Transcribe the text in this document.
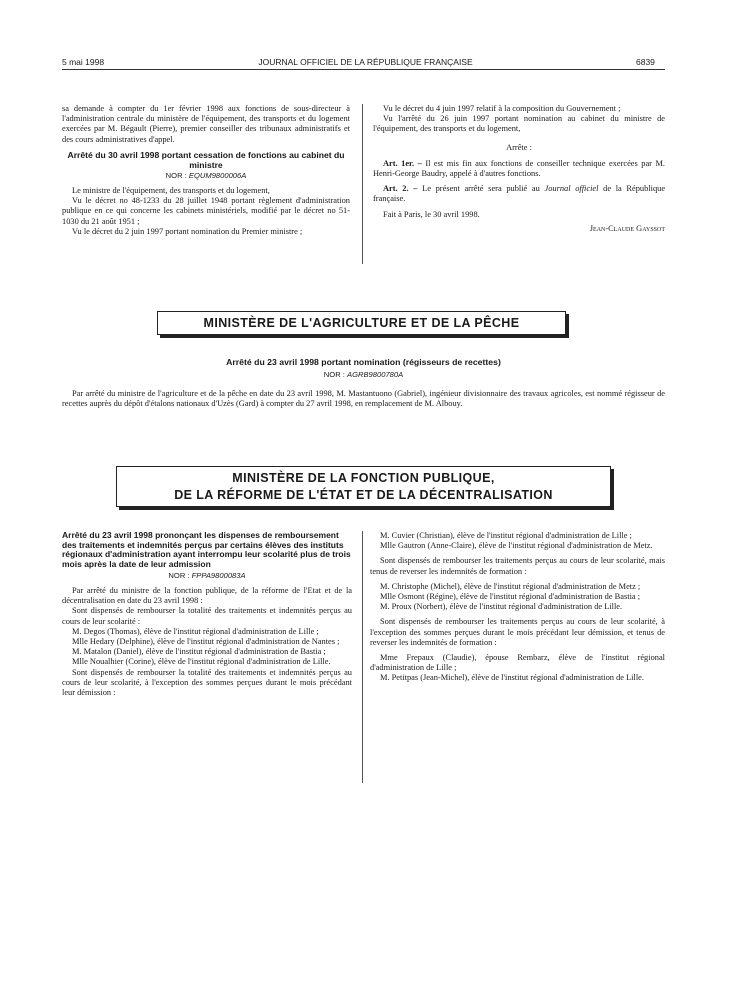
5 mai 1998	JOURNAL OFFICIEL DE LA RÉPUBLIQUE FRANÇAISE	6839

sa demande à compter du 1er février 1998 aux fonctions de sous-directeur à l'administration centrale du ministère de l'équipement, des transports et du logement exercées par M. Bégault (Pierre), premier conseiller des tribunaux administratifs et des cours administratives d'appel.

Arrêté du 30 avril 1998 portant cessation de fonctions au cabinet du ministre

NOR : EQUM9800006A

Le ministre de l'équipement, des transports et du logement,

Vu le décret no 48-1233 du 28 juillet 1948 portant règlement d'administration publique en ce qui concerne les cabinets ministériels, modifié par le décret no 51-1030 du 21 août 1951 ;

Vu le décret du 2 juin 1997 portant nomination du Premier ministre ;

Vu le décret du 4 juin 1997 relatif à la composition du Gouvernement ;

Vu l'arrêté du 26 juin 1997 portant nomination au cabinet du ministre de l'équipement, des transports et du logement,

Arrête :

Art. 1er. – Il est mis fin aux fonctions de conseiller technique exercées par M. Henri-George Baudry, appelé à d'autres fonctions.

Art. 2. – Le présent arrêté sera publié au Journal officiel de la République française.

Fait à Paris, le 30 avril 1998.

Jean-Claude Gayssot

MINISTÈRE DE L'AGRICULTURE ET DE LA PÊCHE
Arrêté du 23 avril 1998 portant nomination (régisseurs de recettes)
NOR : AGRB9800780A
Par arrêté du ministre de l'agriculture et de la pêche en date du 23 avril 1998, M. Mastantuono (Gabriel), ingénieur divisionnaire des travaux agricoles, est nommé régisseur de recettes auprès du dépôt d'étalons nationaux d'Uzès (Gard) à compter du 27 avril 1998, en remplacement de M. Albouy.
MINISTÈRE DE LA FONCTION PUBLIQUE,
DE LA RÉFORME DE L'ÉTAT ET DE LA DÉCENTRALISATION

Arrêté du 23 avril 1998 prononçant les dispenses de remboursement des traitements et indemnités perçus par certains élèves des instituts régionaux d'administration ayant interrompu leur scolarité plus de trois mois après la date de leur admission

NOR : FPPA9800083A

Par arrêté du ministre de la fonction publique, de la réforme de l'Etat et de la décentralisation en date du 23 avril 1998 :

Sont dispensés de rembourser la totalité des traitements et indemnités perçus au cours de leur scolarité :

M. Degos (Thomas), élève de l'institut régional d'administration de Lille ;

Mlle Hedary (Delphine), élève de l'institut régional d'administration de Nantes ;

M. Matalon (Daniel), élève de l'institut régional d'administration de Bastia ;

Mlle Noualhier (Corine), élève de l'institut régional d'administration de Lille.

Sont dispensés de rembourser la totalité des traitements et indemnités perçus au cours de leur scolarité, à l'exception des sommes perçues durant le mois précédant leur démission :

M. Cuvier (Christian), élève de l'institut régional d'administration de Lille ;

Mlle Gautron (Anne-Claire), élève de l'institut régional d'administration de Metz.

Sont dispensés de rembourser les traitements perçus au cours de leur scolarité, mais tenus de reverser les indemnités de formation :

M. Christophe (Michel), élève de l'institut régional d'administration de Metz ;

Mlle Osmont (Régine), élève de l'institut régional d'administration de Bastia ;

M. Proux (Norbert), élève de l'institut régional d'administration de Lille.

Sont dispensés de rembourser les traitements perçus au cours de leur scolarité, à l'exception des sommes perçues durant le mois précédant leur démission, et tenus de reverser les indemnités de formation :

Mme Frepaux (Claudie), épouse Rembarz, élève de l'institut régional d'administration de Lille ;

M. Petitpas (Jean-Michel), élève de l'institut régional d'administration de Lille.
